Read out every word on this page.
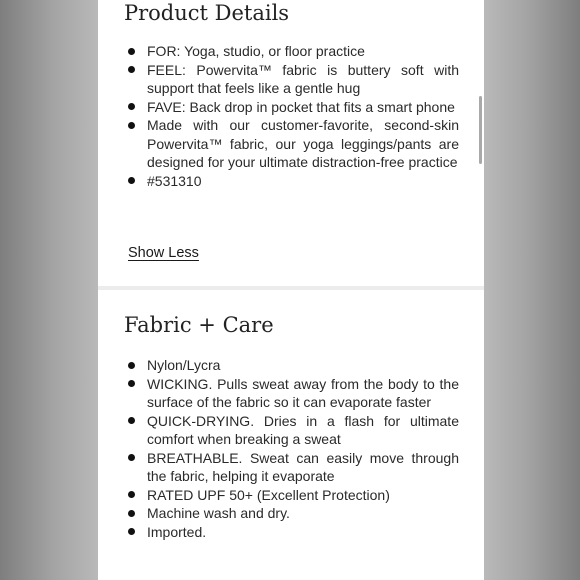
Product Details
FOR: Yoga, studio, or floor practice
FEEL: Powervita™ fabric is buttery soft with support that feels like a gentle hug
FAVE: Back drop in pocket that fits a smart phone
Made with our customer-favorite, second-skin Powervita™ fabric, our yoga leggings/pants are designed for your ultimate distraction-free practice
#531310
Show Less
Fabric + Care
Nylon/Lycra
WICKING. Pulls sweat away from the body to the surface of the fabric so it can evaporate faster
QUICK-DRYING. Dries in a flash for ultimate comfort when breaking a sweat
BREATHABLE. Sweat can easily move through the fabric, helping it evaporate
RATED UPF 50+ (Excellent Protection)
Machine wash and dry.
Imported.
